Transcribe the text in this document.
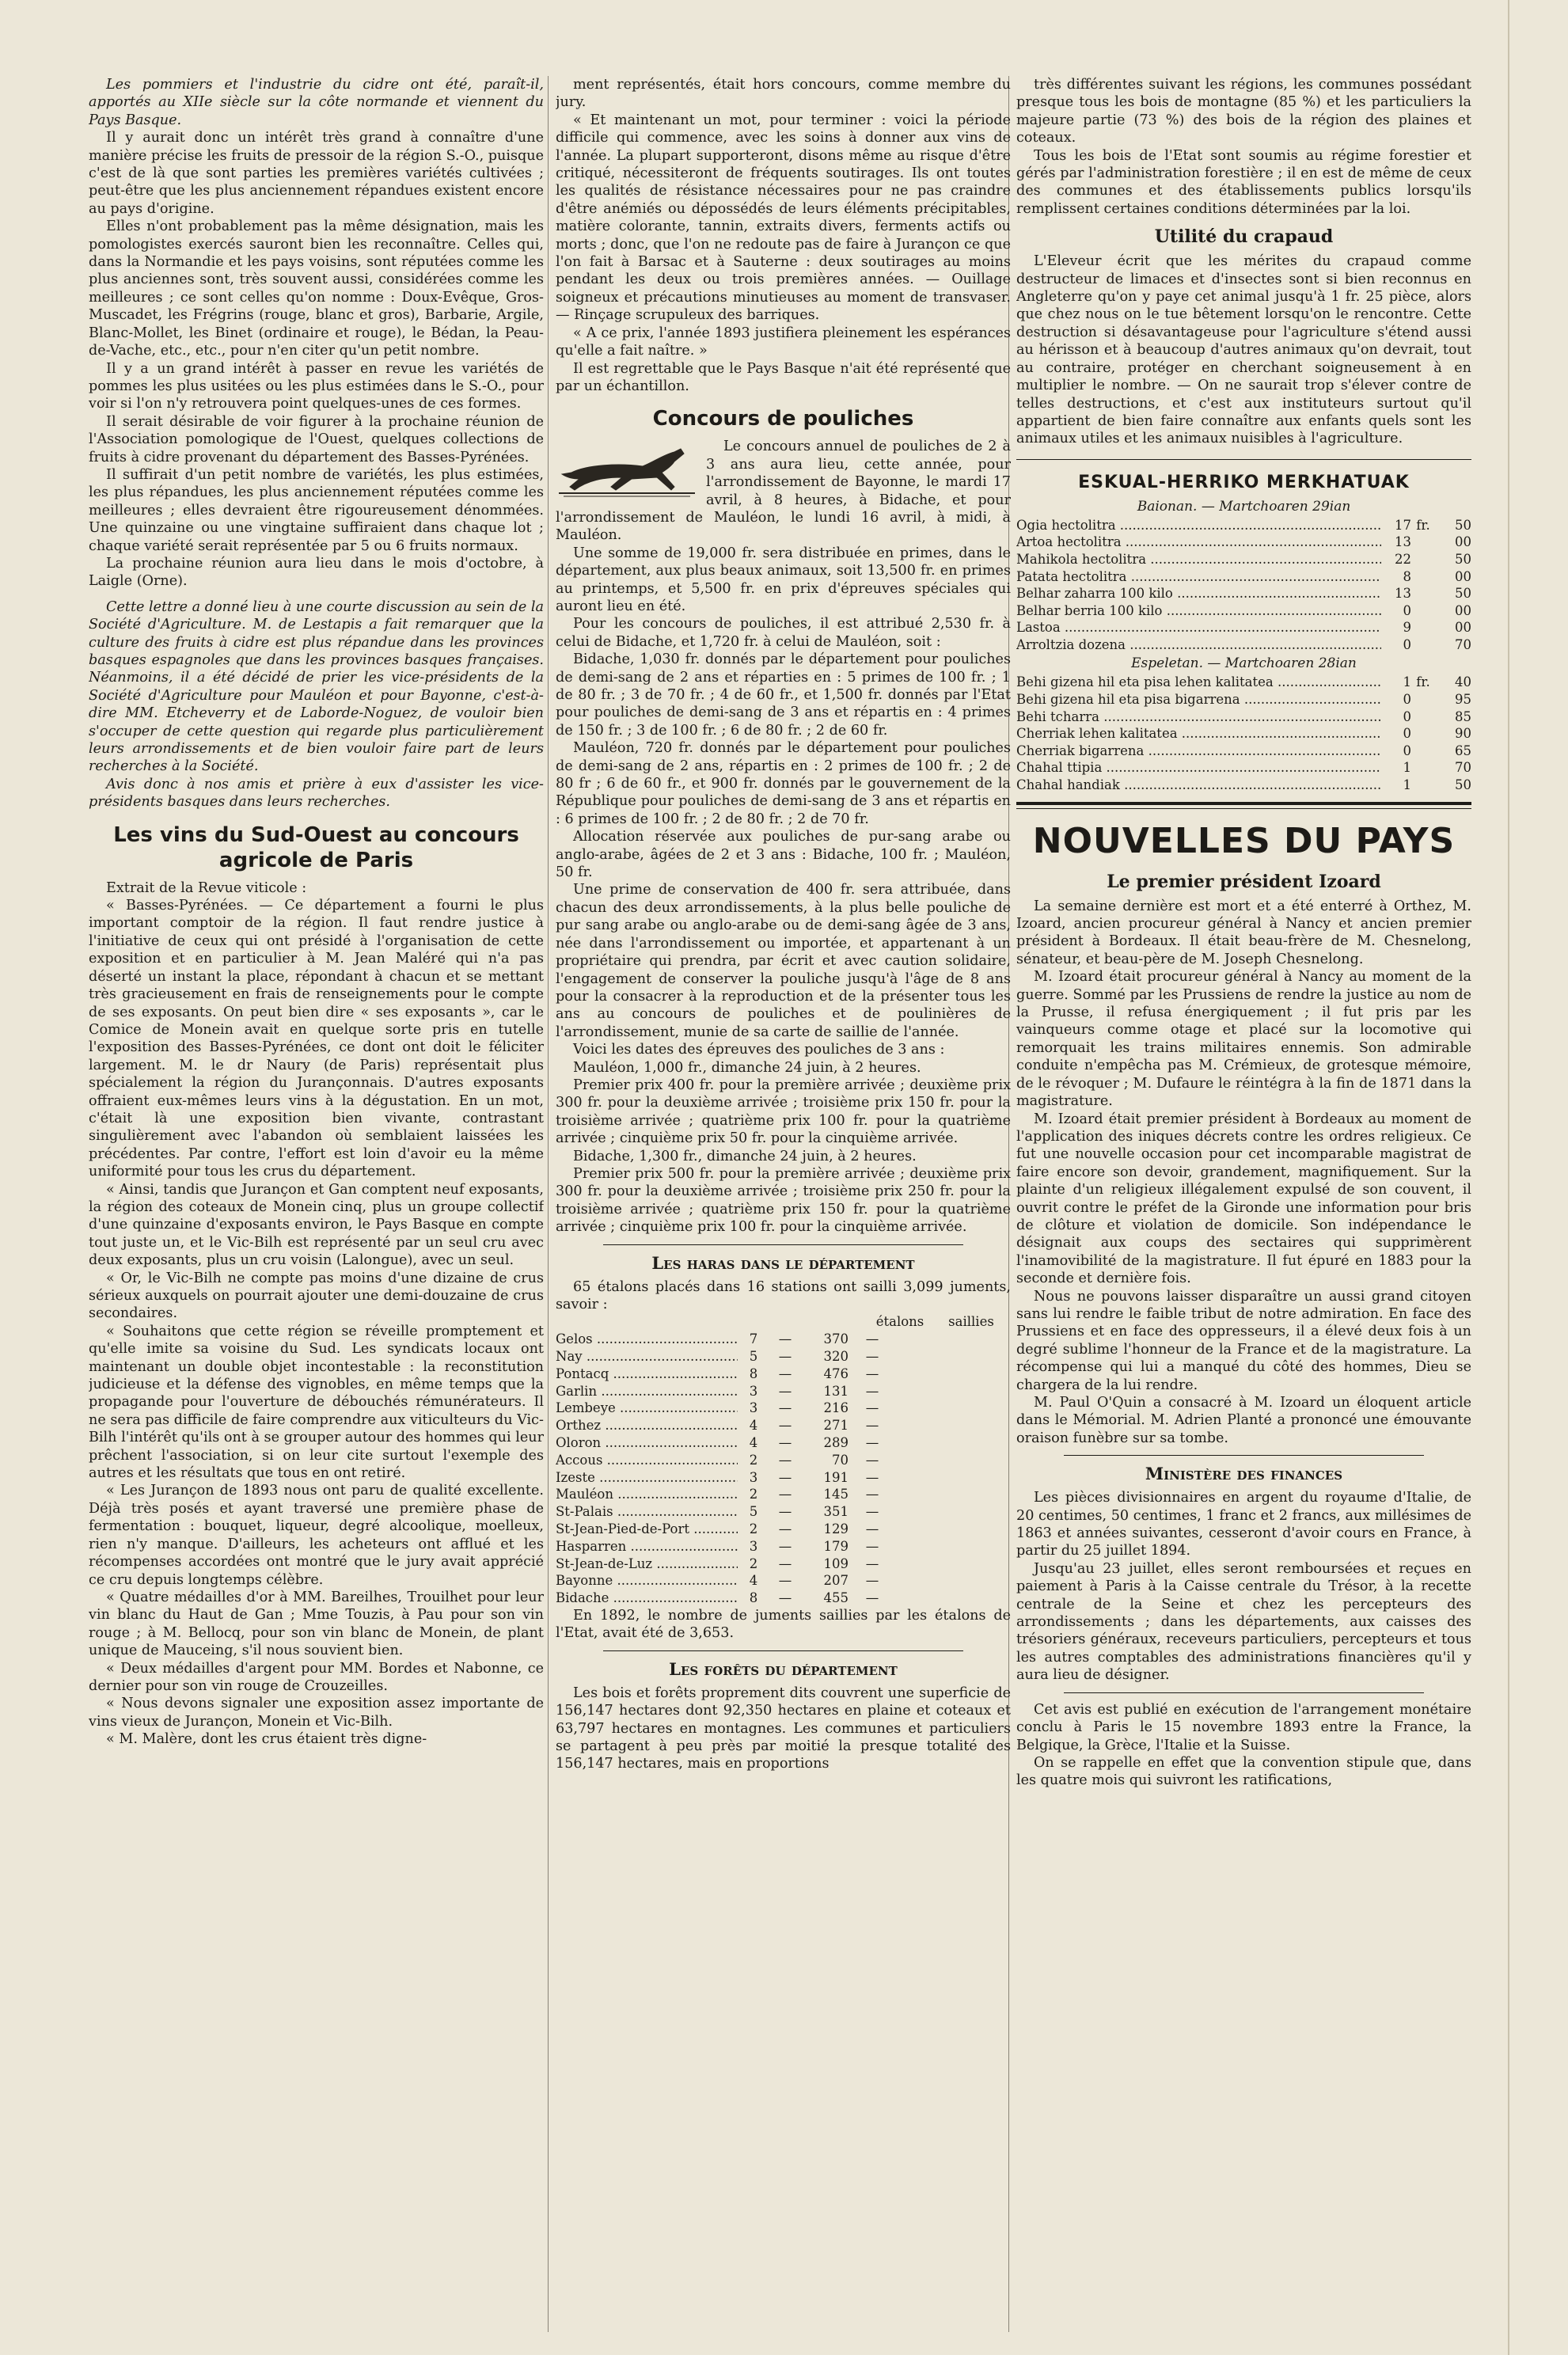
Les pommiers et l'industrie du cidre ont été, paraît-il, apportés au XIIe siècle sur la côte normande et viennent du Pays Basque.

Il y aurait donc un intérêt très grand à connaître d'une manière précise les fruits de pressoir de la région S.-O., puisque c'est de là que sont parties les premières variétés cultivées ; peut-être que les plus anciennement répandues existent encore au pays d'origine.

Elles n'ont probablement pas la même désignation, mais les pomologistes exercés sauront bien les reconnaître. Celles qui, dans la Normandie et les pays voisins, sont réputées comme les plus anciennes sont, très souvent aussi, considérées comme les meilleures ; ce sont celles qu'on nomme : Doux-Evêque, Gros-Muscadet, les Frégrins (rouge, blanc et gros), Barbarie, Argile, Blanc-Mollet, les Binet (ordinaire et rouge), le Bédan, la Peau-de-Vache, etc., etc., pour n'en citer qu'un petit nombre.

Il y a un grand intérêt à passer en revue les variétés de pommes les plus usitées ou les plus estimées dans le S.-O., pour voir si l'on n'y retrouvera point quelques-unes de ces formes.

Il serait désirable de voir figurer à la prochaine réunion de l'Association pomologique de l'Ouest, quelques collections de fruits à cidre provenant du département des Basses-Pyrénées.

Il suffirait d'un petit nombre de variétés, les plus estimées, les plus répandues, les plus anciennement réputées comme les meilleures ; elles devraient être rigoureusement dénommées. Une quinzaine ou une vingtaine suffiraient dans chaque lot ; chaque variété serait représentée par 5 ou 6 fruits normaux.

La prochaine réunion aura lieu dans le mois d'octobre, à Laigle (Orne).

Cette lettre a donné lieu à une courte discussion au sein de la Société d'Agriculture. M. de Lestapis a fait remarquer que la culture des fruits à cidre est plus répandue dans les provinces basques espagnoles que dans les provinces basques françaises. Néanmoins, il a été décidé de prier les vice-présidents de la Société d'Agriculture pour Mauléon et pour Bayonne, c'est-à-dire MM. Etcheverry et de Laborde-Noguez, de vouloir bien s'occuper de cette question qui regarde plus particulièrement leurs arrondissements et de bien vouloir faire part de leurs recherches à la Société.

Avis donc à nos amis et prière à eux d'assister les vice-présidents basques dans leurs recherches.

Les vins du Sud-Ouest au concours agricole de Paris

Extrait de la Revue viticole :

« Basses-Pyrénées. — Ce département a fourni le plus important comptoir de la région. Il faut rendre justice à l'initiative de ceux qui ont présidé à l'organisation de cette exposition et en particulier à M. Jean Maléré qui n'a pas déserté un instant la place, répondant à chacun et se mettant très gracieusement en frais de renseignements pour le compte de ses exposants. On peut bien dire « ses exposants », car le Comice de Monein avait en quelque sorte pris en tutelle l'exposition des Basses-Pyrénées, ce dont ont doit le féliciter largement. M. le dr Naury (de Paris) représentait plus spécialement la région du Jurançonnais. D'autres exposants offraient eux-mêmes leurs vins à la dégustation. En un mot, c'était là une exposition bien vivante, contrastant singulièrement avec l'abandon où semblaient laissées les précédentes. Par contre, l'effort est loin d'avoir eu la même uniformité pour tous les crus du département.

« Ainsi, tandis que Jurançon et Gan comptent neuf exposants, la région des coteaux de Monein cinq, plus un groupe collectif d'une quinzaine d'exposants environ, le Pays Basque en compte tout juste un, et le Vic-Bilh est représenté par un seul cru avec deux exposants, plus un cru voisin (Lalongue), avec un seul.

« Or, le Vic-Bilh ne compte pas moins d'une dizaine de crus sérieux auxquels on pourrait ajouter une demi-douzaine de crus secondaires.

« Souhaitons que cette région se réveille promptement et qu'elle imite sa voisine du Sud. Les syndicats locaux ont maintenant un double objet incontestable : la reconstitution judicieuse et la défense des vignobles, en même temps que la propagande pour l'ouverture de débouchés rémunérateurs. Il ne sera pas difficile de faire comprendre aux viticulteurs du Vic-Bilh l'intérêt qu'ils ont à se grouper autour des hommes qui leur prêchent l'association, si on leur cite surtout l'exemple des autres et les résultats que tous en ont retiré.

« Les Jurançon de 1893 nous ont paru de qualité excellente. Déjà très posés et ayant traversé une première phase de fermentation : bouquet, liqueur, degré alcoolique, moelleux, rien n'y manque. D'ailleurs, les acheteurs ont afflué et les récompenses accordées ont montré que le jury avait apprécié ce cru depuis longtemps célèbre.

« Quatre médailles d'or à MM. Bareilhes, Trouilhet pour leur vin blanc du Haut de Gan ; Mme Touzis, à Pau pour son vin rouge ; à M. Bellocq, pour son vin blanc de Monein, de plant unique de Mauceing, s'il nous souvient bien.

« Deux médailles d'argent pour MM. Bordes et Nabonne, ce dernier pour son vin rouge de Crouzeilles.

« Nous devons signaler une exposition assez importante de vins vieux de Jurançon, Monein et Vic-Bilh.

« M. Malère, dont les crus étaient très digne-

ment représentés, était hors concours, comme membre du jury.

« Et maintenant un mot, pour terminer : voici la période difficile qui commence, avec les soins à donner aux vins de l'année. La plupart supporteront, disons même au risque d'être critiqué, nécessiteront de fréquents soutirages. Ils ont toutes les qualités de résistance nécessaires pour ne pas craindre d'être anémiés ou dépossédés de leurs éléments précipitables, matière colorante, tannin, extraits divers, ferments actifs ou morts ; donc, que l'on ne redoute pas de faire à Jurançon ce que l'on fait à Barsac et à Sauterne : deux soutirages au moins pendant les deux ou trois premières années. — Ouillage soigneux et précautions minutieuses au moment de transvaser. — Rinçage scrupuleux des barriques.

« A ce prix, l'année 1893 justifiera pleinement les espérances qu'elle a fait naître. »

Il est regrettable que le Pays Basque n'ait été représenté que par un échantillon.

Concours de pouliches

Le concours annuel de pouliches de 2 à 3 ans aura lieu, cette année, pour l'arrondissement de Bayonne, le mardi 17 avril, à 8 heures, à Bidache, et pour l'arrondissement de Mauléon, le lundi 16 avril, à midi, à Mauléon.

Une somme de 19,000 fr. sera distribuée en primes, dans le département, aux plus beaux animaux, soit 13,500 fr. en primes au printemps, et 5,500 fr. en prix d'épreuves spéciales qui auront lieu en été.

Pour les concours de pouliches, il est attribué 2,530 fr. à celui de Bidache, et 1,720 fr. à celui de Mauléon, soit :

Bidache, 1,030 fr. donnés par le département pour pouliches de demi-sang de 2 ans et réparties en : 5 primes de 100 fr. ; 1 de 80 fr. ; 3 de 70 fr. ; 4 de 60 fr., et 1,500 fr. donnés par l'Etat pour pouliches de demi-sang de 3 ans et répartis en : 4 primes de 150 fr. ; 3 de 100 fr. ; 6 de 80 fr. ; 2 de 60 fr.

Mauléon, 720 fr. donnés par le département pour pouliches de demi-sang de 2 ans, répartis en : 2 primes de 100 fr. ; 2 de 80 fr ; 6 de 60 fr., et 900 fr. donnés par le gouvernement de la République pour pouliches de demi-sang de 3 ans et répartis en : 6 primes de 100 fr. ; 2 de 80 fr. ; 2 de 70 fr.

Allocation réservée aux pouliches de pur-sang arabe ou anglo-arabe, âgées de 2 et 3 ans : Bidache, 100 fr. ; Mauléon, 50 fr.

Une prime de conservation de 400 fr. sera attribuée, dans chacun des deux arrondissements, à la plus belle pouliche de pur sang arabe ou anglo-arabe ou de demi-sang âgée de 3 ans, née dans l'arrondissement ou importée, et appartenant à un propriétaire qui prendra, par écrit et avec caution solidaire, l'engagement de conserver la pouliche jusqu'à l'âge de 8 ans pour la consacrer à la reproduction et de la présenter tous les ans au concours de pouliches et de poulinières de l'arrondissement, munie de sa carte de saillie de l'année.

Voici les dates des épreuves des pouliches de 3 ans :

Mauléon, 1,000 fr., dimanche 24 juin, à 2 heures.

Premier prix 400 fr. pour la première arrivée ; deuxième prix 300 fr. pour la deuxième arrivée ; troisième prix 150 fr. pour la troisième arrivée ; quatrième prix 100 fr. pour la quatrième arrivée ; cinquième prix 50 fr. pour la cinquième arrivée.

Bidache, 1,300 fr., dimanche 24 juin, à 2 heures.

Premier prix 500 fr. pour la première arrivée ; deuxième prix 300 fr. pour la deuxième arrivée ; troisième prix 250 fr. pour la troisième arrivée ; quatrième prix 150 fr. pour la quatrième arrivée ; cinquième prix 100 fr. pour la cinquième arrivée.

Les haras dans le département

65 étalons placés dans 16 stations ont sailli 3,099 juments, savoir :

étalons	saillies
Gelos .....	7	—	370	—
Nay .....	5	—	320	—
Pontacq .....	8	—	476	—
Garlin .....	3	—	131	—
Lembeye .....	3	—	216	—
Orthez .....	4	—	271	—
Oloron .....	4	—	289	—
Accous .....	2	—	70	—
Izeste .....	3	—	191	—
Mauléon .....	2	—	145	—
St-Palais .....	5	—	351	—
St-Jean-Pied-de-Port .....	2	—	129	—
Hasparren .....	3	—	179	—
St-Jean-de-Luz .....	2	—	109	—
Bayonne .....	4	—	207	—
Bidache .....	8	—	455	—

En 1892, le nombre de juments saillies par les étalons de l'Etat, avait été de 3,653.

Les forêts du département

Les bois et forêts proprement dits couvrent une superficie de 156,147 hectares dont 92,350 hectares en plaine et coteaux et 63,797 hectares en montagnes. Les communes et particuliers se partagent à peu près par moitié la presque totalité des 156,147 hectares, mais en proportions

très différentes suivant les régions, les communes possédant presque tous les bois de montagne (85 %) et les particuliers la majeure partie (73 %) des bois de la région des plaines et coteaux.

Tous les bois de l'Etat sont soumis au régime forestier et gérés par l'administration forestière ; il en est de même de ceux des communes et des établissements publics lorsqu'ils remplissent certaines conditions déterminées par la loi.

Utilité du crapaud

L'Eleveur écrit que les mérites du crapaud comme destructeur de limaces et d'insectes sont si bien reconnus en Angleterre qu'on y paye cet animal jusqu'à 1 fr. 25 pièce, alors que chez nous on le tue bêtement lorsqu'on le rencontre. Cette destruction si désavantageuse pour l'agriculture s'étend aussi au hérisson et à beaucoup d'autres animaux qu'on devrait, tout au contraire, protéger en cherchant soigneusement à en multiplier le nombre. — On ne saurait trop s'élever contre de telles destructions, et c'est aux instituteurs surtout qu'il appartient de bien faire connaître aux enfants quels sont les animaux utiles et les animaux nuisibles à l'agriculture.

ESKUAL-HERRIKO MERKHATUAK
Baionan. — Martchoaren 29ian
Ogia hectolitra .....	17 fr.	50
Artoa hectolitra .....	13	00
Mahikola hectolitra .....	22	50
Patata hectolitra .....	8	00
Belhar zaharra 100 kilo .....	13	50
Belhar berria 100 kilo .....	0	00
Lastoa .....	9	00
Arroltzia dozena .....	0	70
Espeletan. — Martchoaren 28ian
Behi gizena hil eta pisa lehen kalitatea .....	1 fr.	40
Behi gizena hil eta pisa bigarrena .....	0	95
Behi tcharra .....	0	85
Cherriak lehen kalitatea .....	0	90
Cherriak bigarrena .....	0	65
Chahal ttipia .....	1	70
Chahal handiak .....	1	50
NOUVELLES DU PAYS
Le premier président Izoard

La semaine dernière est mort et a été enterré à Orthez, M. Izoard, ancien procureur général à Nancy et ancien premier président à Bordeaux. Il était beau-frère de M. Chesnelong, sénateur, et beau-père de M. Joseph Chesnelong.

M. Izoard était procureur général à Nancy au moment de la guerre. Sommé par les Prussiens de rendre la justice au nom de la Prusse, il refusa énergiquement ; il fut pris par les vainqueurs comme otage et placé sur la locomotive qui remorquait les trains militaires ennemis. Son admirable conduite n'empêcha pas M. Crémieux, de grotesque mémoire, de le révoquer ; M. Dufaure le réintégra à la fin de 1871 dans la magistrature.

M. Izoard était premier président à Bordeaux au moment de l'application des iniques décrets contre les ordres religieux. Ce fut une nouvelle occasion pour cet incomparable magistrat de faire encore son devoir, grandement, magnifiquement. Sur la plainte d'un religieux illégalement expulsé de son couvent, il ouvrit contre le préfet de la Gironde une information pour bris de clôture et violation de domicile. Son indépendance le désignait aux coups des sectaires qui supprimèrent l'inamovibilité de la magistrature. Il fut épuré en 1883 pour la seconde et dernière fois.

Nous ne pouvons laisser disparaître un aussi grand citoyen sans lui rendre le faible tribut de notre admiration. En face des Prussiens et en face des oppresseurs, il a élevé deux fois à un degré sublime l'honneur de la France et de la magistrature. La récompense qui lui a manqué du côté des hommes, Dieu se chargera de la lui rendre.

M. Paul O'Quin a consacré à M. Izoard un éloquent article dans le Mémorial. M. Adrien Planté a prononcé une émouvante oraison funèbre sur sa tombe.

Ministère des finances

Les pièces divisionnaires en argent du royaume d'Italie, de 20 centimes, 50 centimes, 1 franc et 2 francs, aux millésimes de 1863 et années suivantes, cesseront d'avoir cours en France, à partir du 25 juillet 1894.

Jusqu'au 23 juillet, elles seront remboursées et reçues en paiement à Paris à la Caisse centrale du Trésor, à la recette centrale de la Seine et chez les percepteurs des arrondissements ; dans les départements, aux caisses des trésoriers généraux, receveurs particuliers, percepteurs et tous les autres comptables des administrations financières qu'il y aura lieu de désigner.

Cet avis est publié en exécution de l'arrangement monétaire conclu à Paris le 15 novembre 1893 entre la France, la Belgique, la Grèce, l'Italie et la Suisse.

On se rappelle en effet que la convention stipule que, dans les quatre mois qui suivront les ratifications,
